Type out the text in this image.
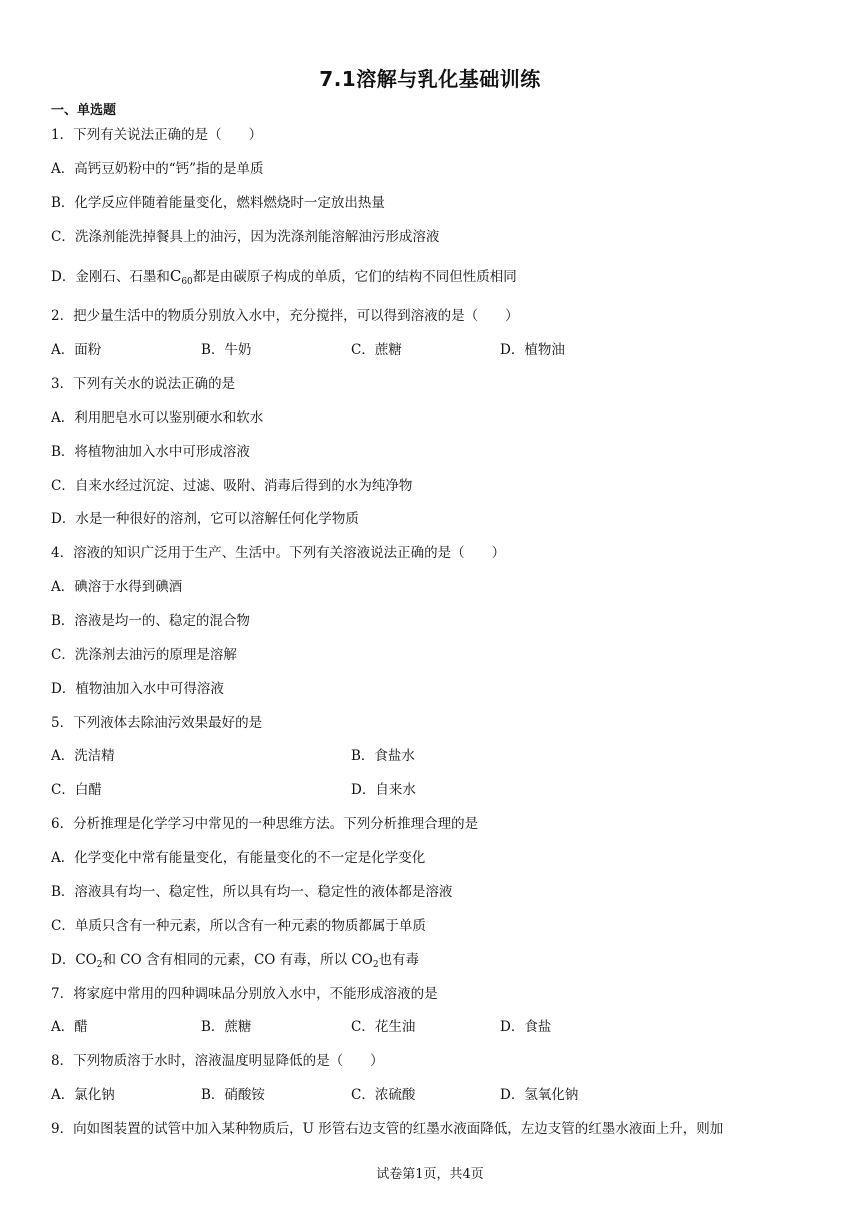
7.1溶解与乳化基础训练
一、单选题
1．下列有关说法正确的是（　　）
A．高钙豆奶粉中的“钙”指的是单质
B．化学反应伴随着能量变化，燃料燃烧时一定放出热量
C．洗涤剂能洗掉餐具上的油污，因为洗涤剂能溶解油污形成溶液
D．金刚石、石墨和$C_{60}$都是由碳原子构成的单质，它们的结构不同但性质相同
2．把少量生活中的物质分别放入水中，充分搅拌，可以得到溶液的是（　　）
A．面粉	B．牛奶	C．蔗糖	D．植物油
3．下列有关水的说法正确的是
A．利用肥皂水可以鉴别硬水和软水
B．将植物油加入水中可形成溶液
C．自来水经过沉淀、过滤、吸附、消毒后得到的水为纯净物
D．水是一种很好的溶剂，它可以溶解任何化学物质
4．溶液的知识广泛用于生产、生活中。下列有关溶液说法正确的是（　　）
A．碘溶于水得到碘酒
B．溶液是均一的、稳定的混合物
C．洗涤剂去油污的原理是溶解
D．植物油加入水中可得溶液
5．下列液体去除油污效果最好的是
A．洗洁精	B．食盐水
C．白醋	D．自来水
6．分析推理是化学学习中常见的一种思维方法。下列分析推理合理的是
A．化学变化中常有能量变化，有能量变化的不一定是化学变化
B．溶液具有均一、稳定性，所以具有均一、稳定性的液体都是溶液
C．单质只含有一种元素，所以含有一种元素的物质都属于单质
D．$CO_2$和 CO 含有相同的元素，CO 有毒，所以 $CO_2$也有毒
7．将家庭中常用的四种调味品分别放入水中，不能形成溶液的是
A．醋	B．蔗糖	C．花生油	D．食盐
8．下列物质溶于水时，溶液温度明显降低的是（　　）
A．氯化钠	B．硝酸铵	C．浓硫酸	D．氢氧化钠
9．向如图装置的试管中加入某种物质后，U 形管右边支管的红墨水液面降低，左边支管的红墨水液面上升，则加
试卷第1页，共4页
